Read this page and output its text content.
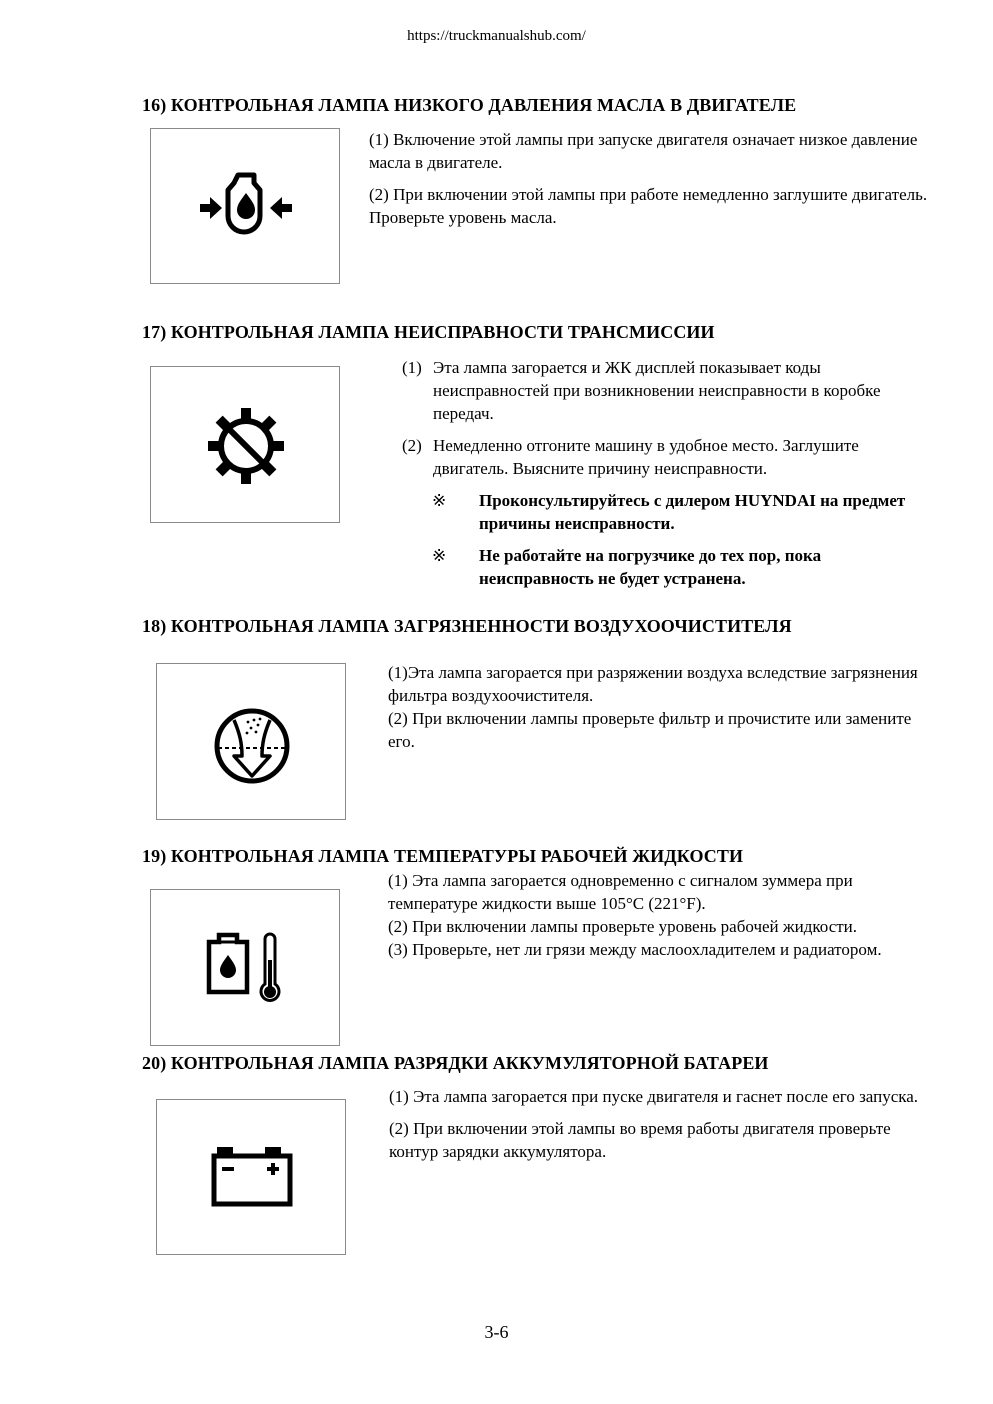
https://truckmanualshub.com/
16) КОНТРОЛЬНАЯ ЛАМПА НИЗКОГО ДАВЛЕНИЯ МАСЛА В ДВИГАТЕЛЕ

(1) Включение этой лампы при запуске двигателя означает низкое давление масла в двигателе.

(2) При включении этой лампы при работе немедленно заглушите двигатель. Проверьте уровень масла.

17) КОНТРОЛЬНАЯ ЛАМПА НЕИСПРАВНОСТИ ТРАНСМИССИИ
(1) Эта лампа загорается и ЖК дисплей показывает коды неисправностей при возникновении неисправности в коробке передач.
(2) Немедленно отгоните машину в удобное место. Заглушите двигатель. Выясните причину неисправности.
※	Проконсультируйтесь с дилером HUYNDAI на предмет причины неисправности.
※	Не работайте на погрузчике до тех пор, пока неисправность не будет устранена.
18) КОНТРОЛЬНАЯ ЛАМПА ЗАГРЯЗНЕННОСТИ ВОЗДУХООЧИСТИТЕЛЯ

(1)Эта лампа загорается при разряжении воздуха вследствие загрязнения фильтра воздухоочистителя.

(2) При включении лампы проверьте фильтр и прочистите или замените его.

19) КОНТРОЛЬНАЯ ЛАМПА ТЕМПЕРАТУРЫ РАБОЧЕЙ ЖИДКОСТИ

(1) Эта лампа загорается одновременно с сигналом зуммера при температуре жидкости выше 105°C (221°F).

(2) При включении лампы проверьте уровень рабочей жидкости.

(3) Проверьте, нет ли грязи между маслоохладителем и радиатором.

20) КОНТРОЛЬНАЯ ЛАМПА РАЗРЯДКИ АККУМУЛЯТОРНОЙ БАТАРЕИ

(1) Эта лампа загорается при пуске двигателя и гаснет после его запуска.

(2) При включении этой лампы во время работы двигателя проверьте контур зарядки аккумулятора.

3-6
